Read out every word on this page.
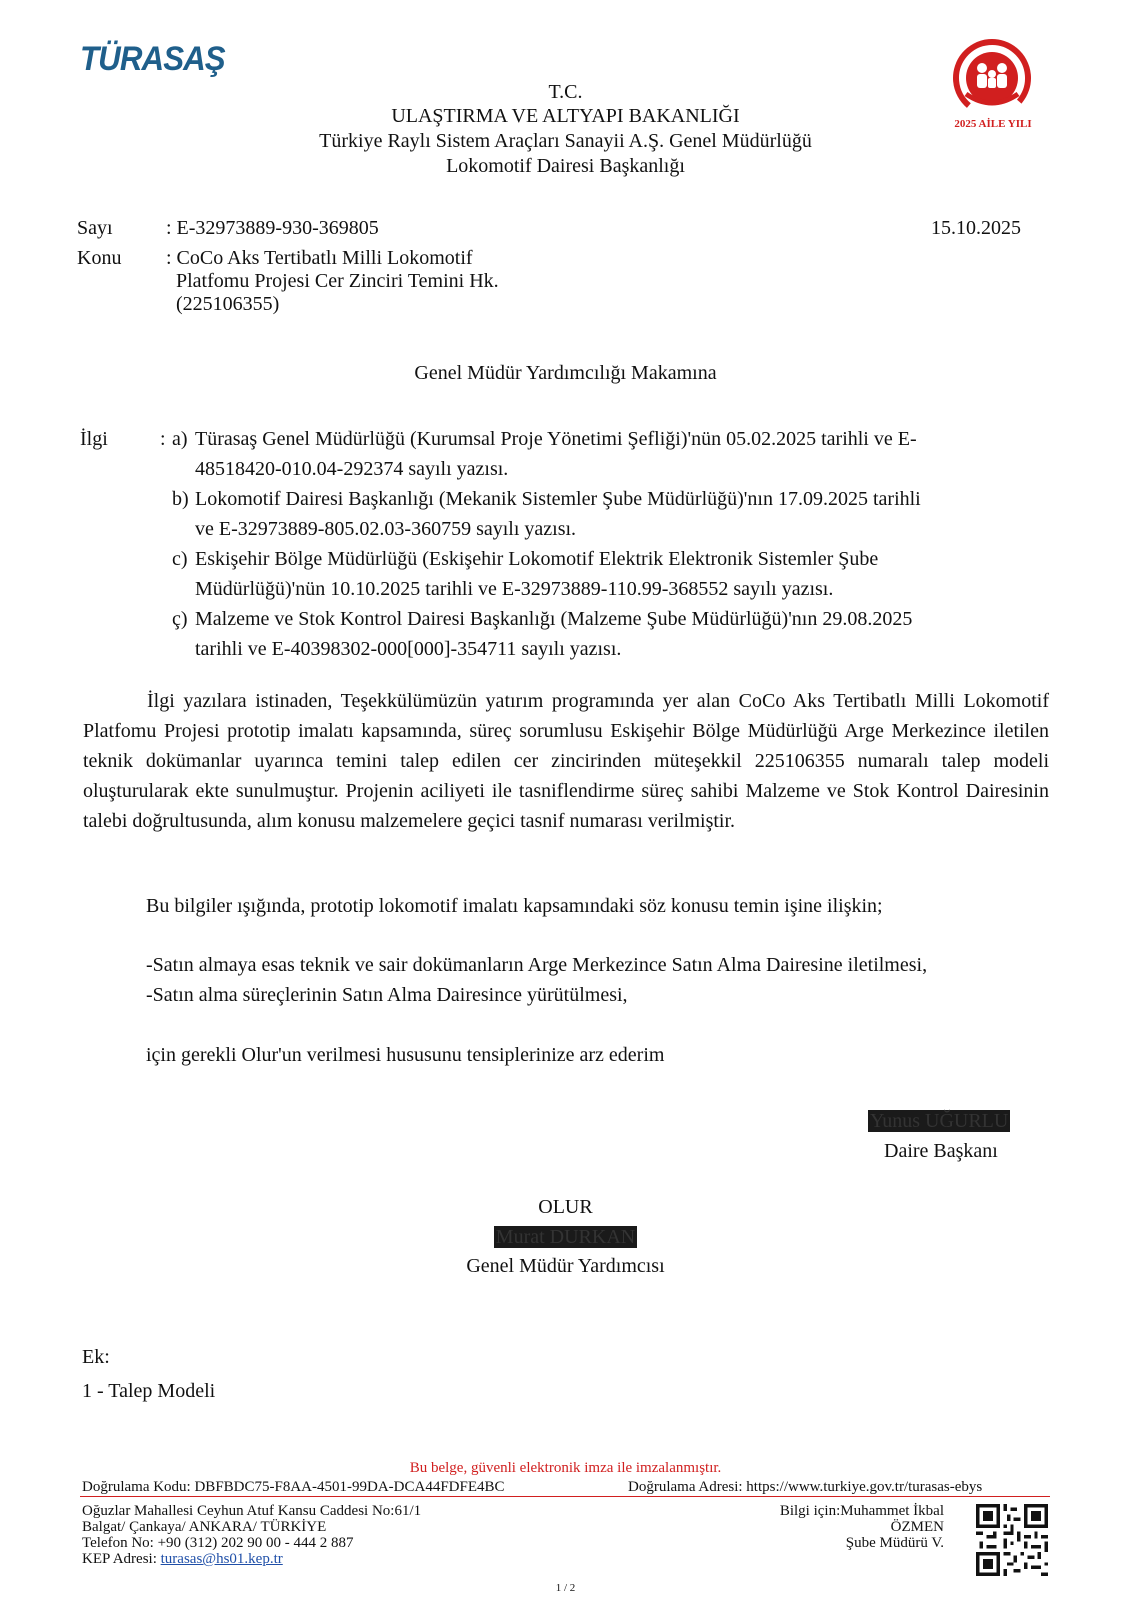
TÜRASAŞ
2025 AİLE YILI
T.C.
ULAŞTIRMA VE ALTYAPI BAKANLIĞI
Türkiye Raylı Sistem Araçları Sanayii A.Ş. Genel Müdürlüğü
Lokomotif Dairesi Başkanlığı
Sayı	: E-32973889-930-369805	15.10.2025
Konu : CoCo Aks Tertibatlı Milli Lokomotif
Platfomu Projesi Cer Zinciri Temini Hk.
(225106355)
Genel Müdür Yardımcılığı Makamına
İlgi	: a) Türasaş Genel Müdürlüğü (Kurumsal Proje Yönetimi Şefliği)'nün 05.02.2025 tarihli ve E-
48518420-010.04-292374 sayılı yazısı.
b) Lokomotif Dairesi Başkanlığı (Mekanik Sistemler Şube Müdürlüğü)'nın 17.09.2025 tarihli
ve E-32973889-805.02.03-360759 sayılı yazısı.
c) Eskişehir Bölge Müdürlüğü (Eskişehir Lokomotif Elektrik Elektronik Sistemler Şube
Müdürlüğü)'nün 10.10.2025 tarihli ve E-32973889-110.99-368552 sayılı yazısı.
ç) Malzeme ve Stok Kontrol Dairesi Başkanlığı (Malzeme Şube Müdürlüğü)'nın 29.08.2025
tarihli ve E-40398302-000[000]-354711 sayılı yazısı.
İlgi yazılara istinaden, Teşekkülümüzün yatırım programında yer alan CoCo Aks Tertibatlı Milli Lokomotif Platfomu Projesi prototip imalatı kapsamında, süreç sorumlusu Eskişehir Bölge Müdürlüğü Arge Merkezince iletilen teknik dokümanlar uyarınca temini talep edilen cer zincirinden müteşekkil 225106355 numaralı talep modeli oluşturularak ekte sunulmuştur. Projenin aciliyeti ile tasniflendirme süreç sahibi Malzeme ve Stok Kontrol Dairesinin talebi doğrultusunda, alım konusu malzemelere geçici tasnif numarası verilmiştir.
Bu bilgiler ışığında, prototip lokomotif imalatı kapsamındaki söz konusu temin işine ilişkin;
-Satın almaya esas teknik ve sair dokümanların Arge Merkezince Satın Alma Dairesine iletilmesi,
-Satın alma süreçlerinin Satın Alma Dairesince yürütülmesi,
için gerekli Olur'un verilmesi hususunu tensiplerinize arz ederim
Yunus UĞURLU
Daire Başkanı
OLUR
Murat DURKAN
Genel Müdür Yardımcısı
Ek:
1 - Talep Modeli
Bu belge, güvenli elektronik imza ile imzalanmıştır.
Doğrulama Kodu: DBFBDC75-F8AA-4501-99DA-DCA44FDFE4BC	Doğrulama Adresi: https://www.turkiye.gov.tr/turasas-ebys
Oğuzlar Mahallesi Ceyhun Atuf Kansu Caddesi No:61/1
Balgat/ Çankaya/ ANKARA/ TÜRKİYE
Telefon No: +90 (312) 202 90 00 - 444 2 887
KEP Adresi: turasas@hs01.kep.tr
Bilgi için:Muhammet İkbal
ÖZMEN
Şube Müdürü V.
1 / 2
